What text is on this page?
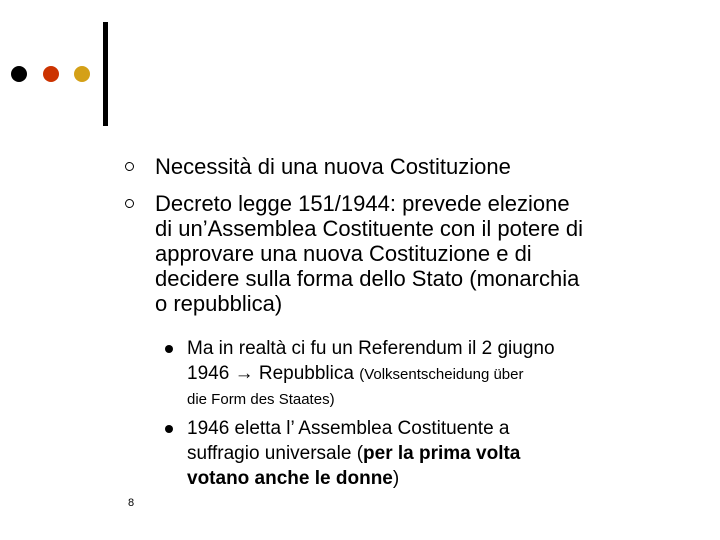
Necessità di una nuova Costituzione
Decreto legge 151/1944: prevede elezione
di un’Assemblea Costituente con il potere di
approvare una nuova Costituzione e di
decidere sulla forma dello Stato (monarchia
o repubblica)
Ma in realtà ci fu un Referendum il 2 giugno
1946 → Repubblica (Volksentscheidung über
die Form des Staates)
1946 eletta l’ Assemblea Costituente a
suffragio universale (per la prima volta
votano anche le donne)
8
